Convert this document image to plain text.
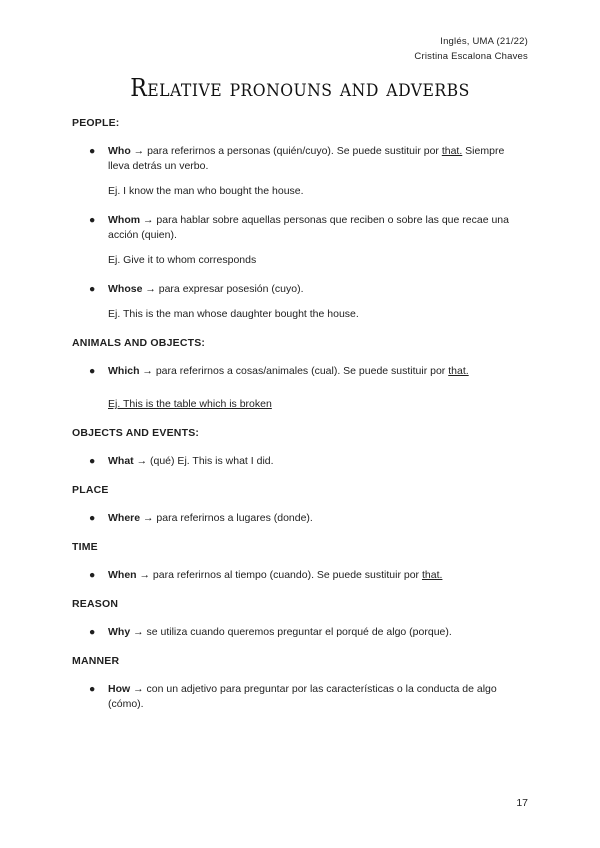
Inglés, UMA (21/22)
Cristina Escalona Chaves
Relative pronouns and adverbs
PEOPLE:
● Who → para referirnos a personas (quién/cuyo). Se puede sustituir por that. Siempre lleva detrás un verbo.
Ej. I know the man who bought the house.
● Whom → para hablar sobre aquellas personas que reciben o sobre las que recae una acción (quien).
Ej. Give it to whom corresponds
● Whose → para expresar posesión (cuyo).
Ej. This is the man whose daughter bought the house.
ANIMALS AND OBJECTS:
● Which → para referirnos a cosas/animales (cual). Se puede sustituir por that.
Ej. This is the table which is broken
OBJECTS AND EVENTS:
● What → (qué) Ej. This is what I did.
PLACE
● Where → para referirnos a lugares (donde).
TIME
● When → para referirnos al tiempo (cuando). Se puede sustituir por that.
REASON
● Why → se utiliza cuando queremos preguntar el porqué de algo (porque).
MANNER
● How → con un adjetivo para preguntar por las características o la conducta de algo (cómo).
17
